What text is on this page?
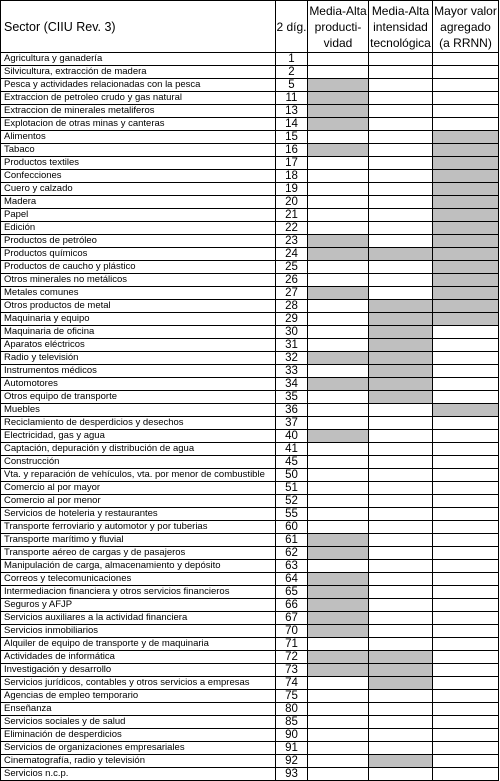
Sector (CIIU Rev. 3)	2 díg.	Media-Alta
producti-
vidad	Media-Alta
intensidad
tecnológica	Mayor valor
agregado
(a RRNN)
Agricultura y ganadería	1			
Silvicultura, extracción de madera	2			
Pesca y actividades relacionadas con la pesca	5			
Extraccion de petroleo crudo y gas natural	11			
Extraccion de minerales metaliferos	13			
Explotacion de otras minas y canteras	14			
Alimentos	15			
Tabaco	16			
Productos textiles	17			
Confecciones	18			
Cuero y calzado	19			
Madera	20			
Papel	21			
Edición	22			
Productos de petróleo	23			
Productos químicos	24			
Productos de caucho y plástico	25			
Otros minerales no metálicos	26			
Metales comunes	27			
Otros productos de metal	28			
Maquinaria y equipo	29			
Maquinaria de oficina	30			
Aparatos eléctricos	31			
Radio y televisión	32			
Instrumentos médicos	33			
Automotores	34			
Otros equipo de transporte	35			
Muebles	36			
Reciclamiento de desperdicios y desechos	37			
Electricidad, gas y agua	40			
Captación, depuración y distribución de agua	41			
Construcción	45			
Vta. y reparación de vehículos, vta. por menor de combustible	50			
Comercio al por mayor	51			
Comercio al por menor	52			
Servicios de hoteleria y restaurantes	55			
Transporte ferroviario y automotor y por tuberias	60			
Transporte marítimo y fluvial	61			
Transporte aéreo de cargas y de pasajeros	62			
Manipulación de carga, almacenamiento y depósito	63			
Correos y telecomunicaciones	64			
Intermediacion financiera y otros servicios financieros	65			
Seguros y AFJP	66			
Servicios auxiliares a la actividad financiera	67			
Servicios inmobiliarios	70			
Alquiler de equipo de transporte y de maquinaria	71			
Actividades de informática	72			
Investigación y desarrollo	73			
Servicios jurídicos, contables y otros servicios a empresas	74			
Agencias de empleo temporario	75			
Enseñanza	80			
Servicios sociales y de salud	85			
Eliminación de desperdicios	90			
Servicios de organizaciones empresariales	91			
Cinematografía, radio y televisión	92			
Servicios n.c.p.	93			
